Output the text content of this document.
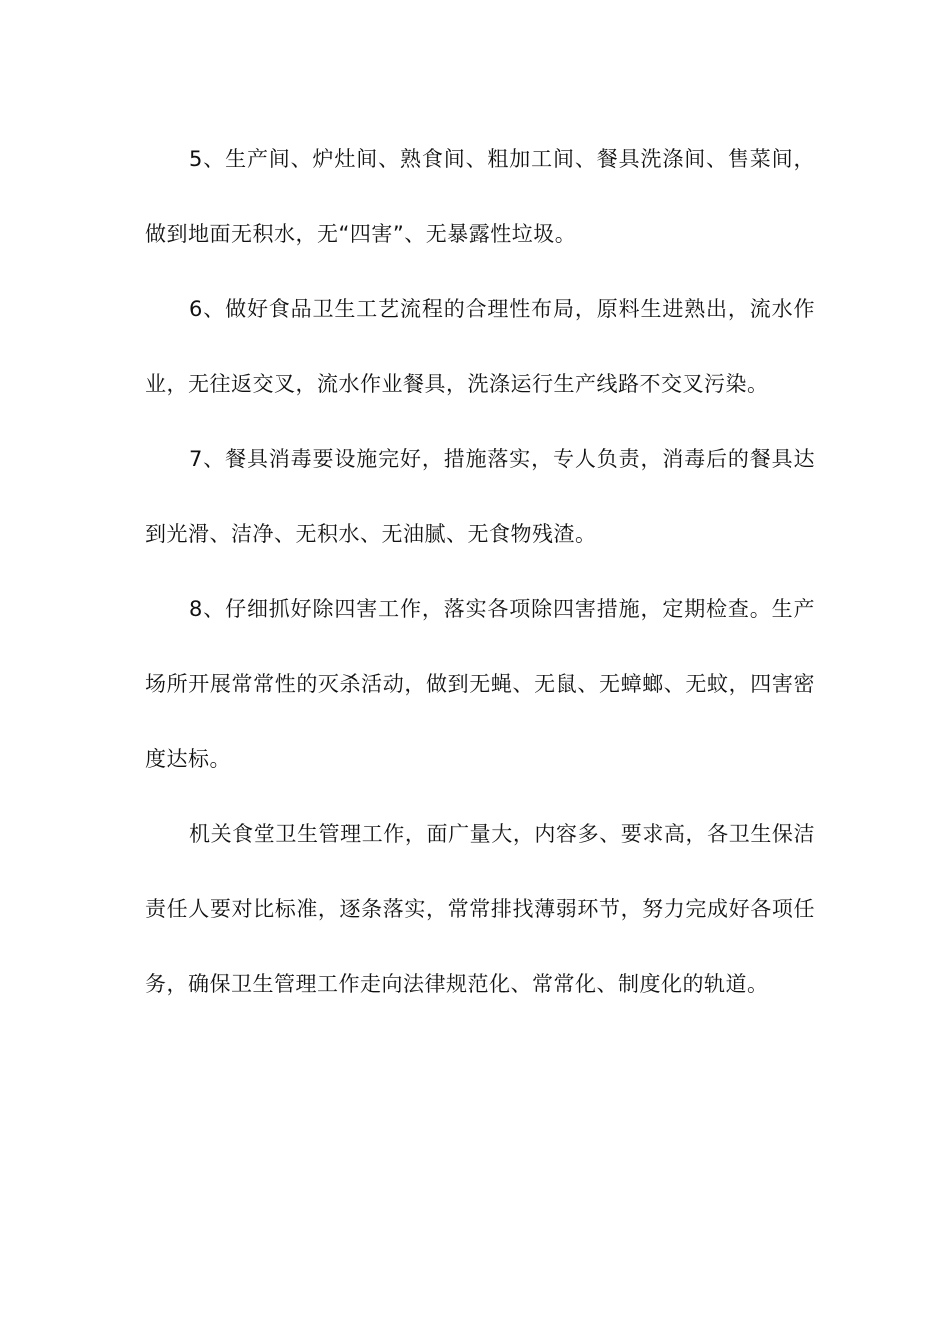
5、生产间、炉灶间、熟食间、粗加工间、餐具洗涤间、售菜间，做到地面无积水，无“四害”、无暴露性垃圾。

6、做好食品卫生工艺流程的合理性布局，原料生进熟出，流水作业，无往返交叉，流水作业餐具，洗涤运行生产线路不交叉污染。

7、餐具消毒要设施完好，措施落实，专人负责，消毒后的餐具达到光滑、洁净、无积水、无油腻、无食物残渣。

8、仔细抓好除四害工作，落实各项除四害措施，定期检查。生产场所开展常常性的灭杀活动，做到无蝇、无鼠、无蟑螂、无蚊，四害密度达标。

机关食堂卫生管理工作，面广量大，内容多、要求高，各卫生保洁责任人要对比标准，逐条落实，常常排找薄弱环节，努力完成好各项任务，确保卫生管理工作走向法律规范化、常常化、制度化的轨道。
